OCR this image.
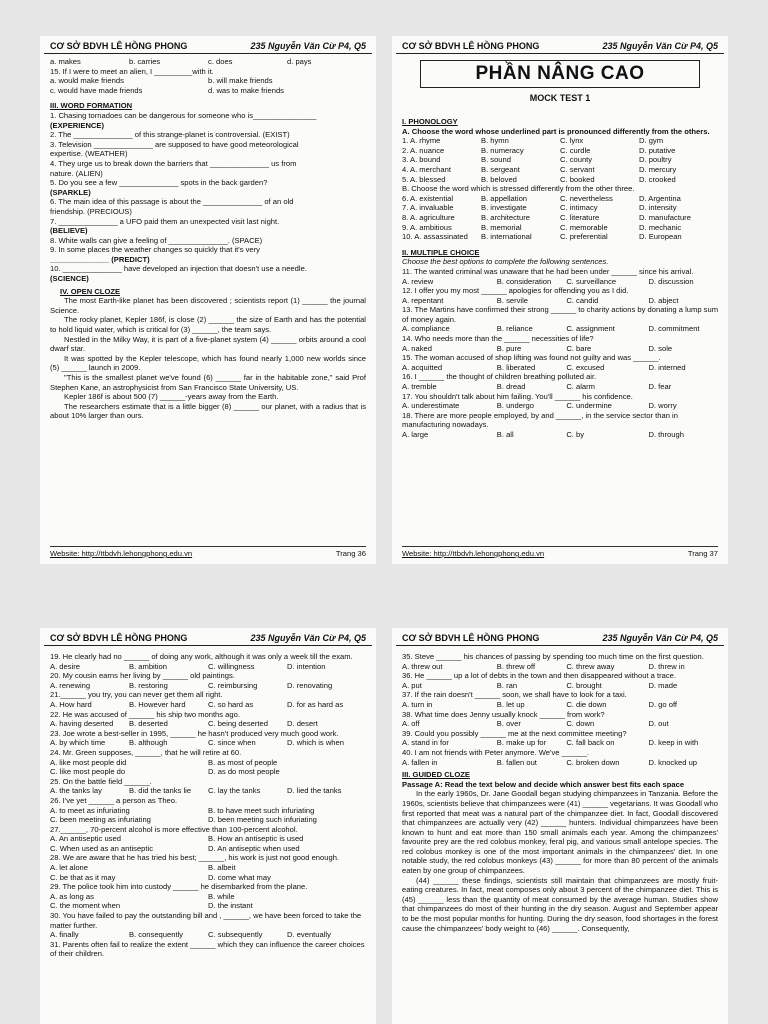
CƠ SỞ BDVH LÊ HỒNG PHONG	235 Nguyễn Văn Cừ P4, Q5
a. makes	b. carries	c. does	d. pays
15. If I were to meet an alien, I _________with it.
a. would make friends	b. will make friends
c. would have made friends	d. was to make friends
III. WORD FORMATION
1. Chasing tornadoes can be dangerous for someone who is_______________
(EXPERIENCE)
2. The ______________ of this strange-planet is controversial. (EXIST)
3. Television ______________ are supposed to have good meteorological
expertise. (WEATHER)
4. They urge us to break down the barriers that ______________ us from
nature. (ALIEN)
5. Do you see a few ______________ spots in the back garden?
(SPARKLE)
6. The main idea of this passage is about the ______________ of an old
friendship. (PRECIOUS)
7. ______________ a UFO paid them an unexpected visit last night.
(BELIEVE)
8. White walls can give a feeling of ______________. (SPACE)
9. In some places the weather changes so quickly that it's very
______________ (PREDICT)
10. ______________ have developed an injection that doesn't use a needle.
(SCIENCE)
IV. OPEN CLOZE
The most Earth-like planet has been discovered ; scientists report (1) ______ the journal Science.
The rocky planet, Kepler 186f, is close (2) ______ the size of Earth and has the potential to hold liquid water, which is critical for (3) ______, the team says.
Nestled in the Milky Way, it is part of a five-planet system (4) ______ orbits around a cool dwarf star.
It was spotted by the Kepler telescope, which has found nearly 1,000 new worlds since (5) ______ launch in 2009.
"This is the smallest planet we've found (6) ______ far in the habitable zone," said Prof Stephen Kane, an astrophysicist from San Francisco State University, US.
Kepler 186f is about 500 (7) ______-years away from the Earth.
The researchers estimate that is a little bigger (8) ______ our planet, with a radius that is about 10% larger than ours.
Website: http://ttbdvh.lehongphong.edu.vn	Trang 36
CƠ SỞ BDVH LÊ HỒNG PHONG	235 Nguyễn Văn Cừ P4, Q5
PHẦN NÂNG CAO
MOCK TEST 1
I. PHONOLOGY
A. Choose the word whose underlined part is pronounced differently from the others.
1. A. rhyme	B. hymn	C. lynx	D. gym
2. A. nuance	B. numeracy	C. curdle	D. putative
3. A. bound	B. sound	C. county	D. poultry
4. A. merchant	B. sergeant	C. servant	D. mercury
5. A. blessed	B. beloved	C. booked	D. crooked
B. Choose the word which is stressed differently from the other three.
6. A. existential	B. appellation	C. nevertheless	D. Argentina
7. A. invaluable	B. investigate	C. intimacy	D. intensity
8. A. agriculture	B. architecture	C. literature	D. manufacture
9. A. ambitious	B. memorial	C. memorable	D. mechanic
10. A. assassinated	B. international	C. preferential	D. European
II. MULTIPLE CHOICE
Choose the best options to complete the following sentences.
11. The wanted criminal was unaware that he had been under ______ since his arrival.
A. review	B. consideration	C. surveillance	D. discussion
12. I offer you my most ______ apologies for offending you as I did.
A. repentant	B. servile	C. candid	D. abject
13. The Martins have confirmed their strong ______ to charity actions by donating a lump sum of money again.
A. compliance	B. reliance	C. assignment	D. commitment
14. Who needs more than the ______ necessities of life?
A. naked	B. pure	C. bare	D. sole
15. The woman accused of shop lifting was found not guilty and was ______.
A. acquitted	B. liberated	C. excused	D. interned
16. I ______ the thought of children breathing polluted air.
A. tremble	B. dread	C. alarm	D. fear
17. You shouldn't talk about him failing. You'll ______ his confidence.
A. underestimate	B. undergo	C. undermine	D. worry
18. There are more people employed, by and ______, in the service sector than in manufacturing nowadays.
A. large	B. all	C. by	D. through
Website: http://ttbdvh.lehongphong.edu.vn	Trang 37
CƠ SỞ BDVH LÊ HỒNG PHONG	235 Nguyễn Văn Cừ P4, Q5
19. He clearly had no ______ of doing any work, although it was only a week till the exam.
A. desire	B. ambition	C. willingness	D. intention
20. My cousin earns her living by ______ old paintings.
A. renewing	B. restoring	C. reimbursing	D. renovating
21.______ you try, you can never get them all right.
A. How hard	B. However hard	C. so hard as	D. for as hard as
22. He was accused of ______ his ship two months ago.
A. having deserted	B. deserted	C. being deserted	D. desert
23. Joe wrote a best-seller in 1995, ______ he hasn't produced very much good work.
A. by which time	B. although	C. since when	D. which is when
24. Mr. Green supposes, ______, that he will retire at 60.
A. like most people did	B. as most of people
C. like most people do	D. as do most people
25. On the battle field ______.
A. the tanks lay	B. did the tanks lie	C. lay the tanks	D. lied the tanks
26. I've yet ______ a person as Theo.
A. to meet as infuriating	B. to have meet such infuriating
C. been meeting as infuriating	D. been meeting such infuriating
27.______, 70-percent alcohol is more effective than 100-percent alcohol.
A. An antiseptic used	B. How an antiseptic is used
C. When used as an antiseptic	D. An antiseptic when used
28. We are aware that he has tried his best; ______, his work is just not good enough.
A. let alone	B. albeit
C. be that as it may	D. come what may
29. The police took him into custody ______ he disembarked from the plane.
A. as long as	B. while
C. the moment when	D. the instant
30. You have failed to pay the outstanding bill and , ______, we have been forced to take the matter further.
A. finally	B. consequently	C. subsequently	D. eventually
31. Parents often fail to realize the extent ______ which they can influence the career choices of their children.
CƠ SỞ BDVH LÊ HỒNG PHONG	235 Nguyễn Văn Cừ P4, Q5
35. Steve ______ his chances of passing by spending too much time on the first question.
A. threw out	B. threw off	C. threw away	D. threw in
36. He ______ up a lot of debts in the town and then disappeared without a trace.
A. put	B. ran	C. brought	D. made
37. If the rain doesn't ______ soon, we shall have to look for a taxi.
A. turn in	B. let up	C. die down	D. go off
38. What time does Jenny usually knock ______ from work?
A. off	B. over	C. down	D. out
39. Could you possibly ______ me at the next committee meeting?
A. stand in for	B. make up for	C. fall back on	D. keep in with
40. I am not friends with Peter anymore. We've ______.
A. fallen in	B. fallen out	C. broken down	D. knocked up
III. GUIDED CLOZE
Passage A: Read the text below and decide which answer best fits each space
In the early 1960s, Dr. Jane Goodall began studying chimpanzees in Tanzania. Before the 1960s, scientists believe that chimpanzees were (41) ______ vegetarians. It was Goodall who first reported that meat was a natural part of the chimpanzee diet. In fact, Goodall discovered that chimpanzees are actually very (42) ______ hunters. Individual chimpanzees have been known to hunt and eat more than 150 small animals each year. Among the chimpanzees' favourite prey are the red colobus monkey, feral pig, and various small antelope species. The red colobus monkey is one of the most important animals in the chimpanzees' diet. In one notable study, the red colobus monkeys (43) ______ for more than 80 percent of the animals eaten by one group of chimpanzees.
(44) ______ these findings, scientists still maintain that chimpanzees are mostly fruit-eating creatures. In fact, meat composes only about 3 percent of the chimpanzee diet. This is (45) ______ less than the quantity of meat consumed by the average human. Studies show that chimpanzees do most of their hunting in the dry season. August and September appear to be the most popular months for hunting. During the dry season, food shortages in the forest cause the chimpanzees' body weight to (46) ______. Consequently,
